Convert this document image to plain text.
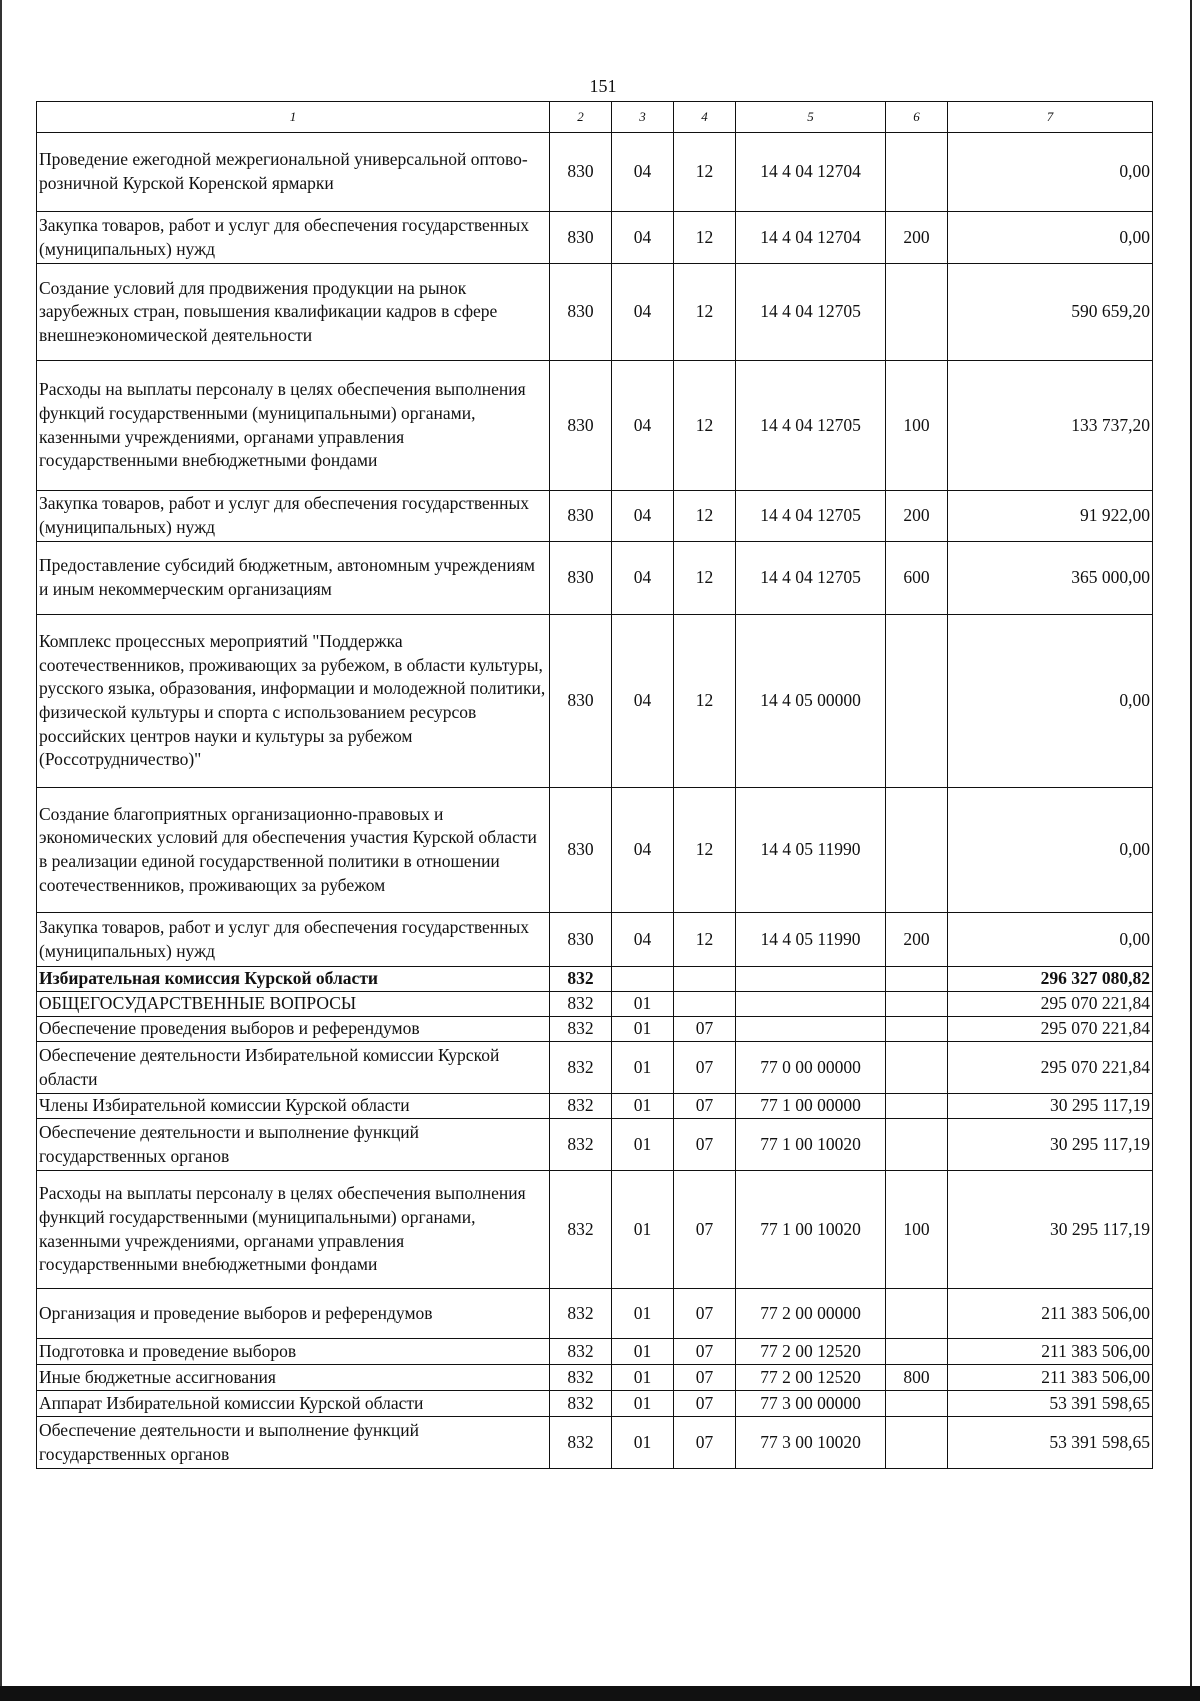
151
1	2	3	4	5	6	7
Проведение ежегодной межрегиональной универсальной оптово-розничной Курской Коренской ярмарки	830	04	12	14 4 04 12704		0,00
Закупка товаров, работ и услуг для обеспечения государственных (муниципальных) нужд	830	04	12	14 4 04 12704	200	0,00
Создание условий для продвижения продукции на рынок зарубежных стран, повышения квалификации кадров в сфере внешнеэкономической деятельности	830	04	12	14 4 04 12705		590 659,20
Расходы на выплаты персоналу в целях обеспечения выполнения функций государственными (муниципальными) органами, казенными учреждениями, органами управления государственными внебюджетными фондами	830	04	12	14 4 04 12705	100	133 737,20
Закупка товаров, работ и услуг для обеспечения государственных (муниципальных) нужд	830	04	12	14 4 04 12705	200	91 922,00
Предоставление субсидий бюджетным, автономным учреждениям и иным некоммерческим организациям	830	04	12	14 4 04 12705	600	365 000,00
Комплекс процессных мероприятий "Поддержка соотечественников, проживающих за рубежом, в области культуры, русского языка, образования, информации и молодежной политики, физической культуры и спорта с использованием ресурсов российских центров науки и культуры за рубежом (Россотрудничество)"	830	04	12	14 4 05 00000		0,00
Создание благоприятных организационно-правовых и экономических условий для обеспечения участия Курской области в реализации единой государственной политики в отношении соотечественников, проживающих за рубежом	830	04	12	14 4 05 11990		0,00
Закупка товаров, работ и услуг для обеспечения государственных (муниципальных) нужд	830	04	12	14 4 05 11990	200	0,00
Избирательная комиссия Курской области	832					296 327 080,82
ОБЩЕГОСУДАРСТВЕННЫЕ ВОПРОСЫ	832	01				295 070 221,84
Обеспечение проведения выборов и референдумов	832	01	07			295 070 221,84
Обеспечение деятельности Избирательной комиссии Курской области	832	01	07	77 0 00 00000		295 070 221,84
Члены Избирательной комиссии Курской области	832	01	07	77 1 00 00000		30 295 117,19
Обеспечение деятельности и выполнение функций государственных органов	832	01	07	77 1 00 10020		30 295 117,19
Расходы на выплаты персоналу в целях обеспечения выполнения функций государственными (муниципальными) органами, казенными учреждениями, органами управления государственными внебюджетными фондами	832	01	07	77 1 00 10020	100	30 295 117,19
Организация и проведение выборов и референдумов	832	01	07	77 2 00 00000		211 383 506,00
Подготовка и проведение выборов	832	01	07	77 2 00 12520		211 383 506,00
Иные бюджетные ассигнования	832	01	07	77 2 00 12520	800	211 383 506,00
Аппарат Избирательной комиссии Курской области	832	01	07	77 3 00 00000		53 391 598,65
Обеспечение деятельности и выполнение функций государственных органов	832	01	07	77 3 00 10020		53 391 598,65
